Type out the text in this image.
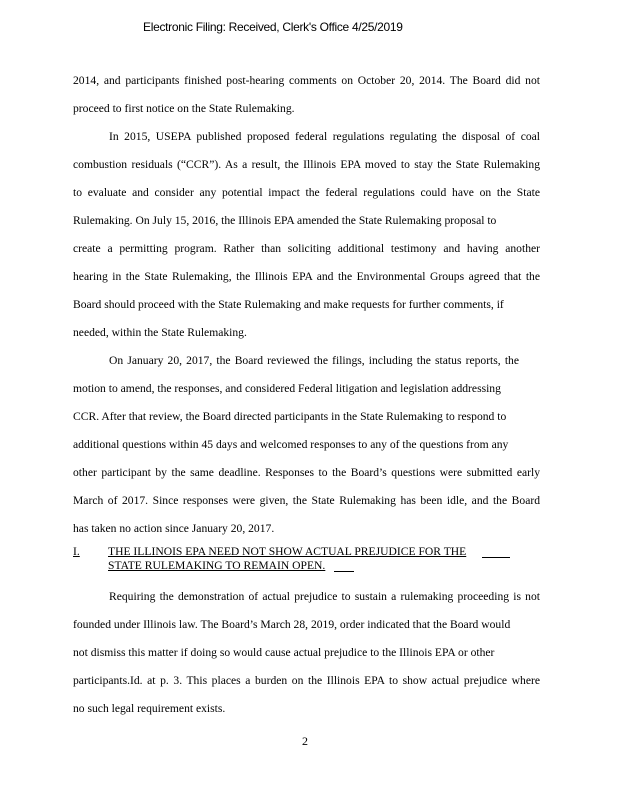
Electronic Filing: Received, Clerk's Office 4/25/2019
2014, and participants finished post-hearing comments on October 20, 2014. The Board did not
proceed to first notice on the State Rulemaking.
In 2015, USEPA published proposed federal regulations regulating the disposal of coal
combustion residuals (“CCR”). As a result, the Illinois EPA moved to stay the State Rulemaking
to evaluate and consider any potential impact the federal regulations could have on the State
Rulemaking. On July 15, 2016, the Illinois EPA amended the State Rulemaking proposal to
create a permitting program. Rather than soliciting additional testimony and having another
hearing in the State Rulemaking, the Illinois EPA and the Environmental Groups agreed that the
Board should proceed with the State Rulemaking and make requests for further comments, if
needed, within the State Rulemaking.
On January 20, 2017, the Board reviewed the filings, including the status reports, the
motion to amend, the responses, and considered Federal litigation and legislation addressing
CCR. After that review, the Board directed participants in the State Rulemaking to respond to
additional questions within 45 days and welcomed responses to any of the questions from any
other participant by the same deadline. Responses to the Board’s questions were submitted early
March of 2017. Since responses were given, the State Rulemaking has been idle, and the Board
has taken no action since January 20, 2017.
I. THE ILLINOIS EPA NEED NOT SHOW ACTUAL PREJUDICE FOR THE
STATE RULEMAKING TO REMAIN OPEN.
Requiring the demonstration of actual prejudice to sustain a rulemaking proceeding is not
founded under Illinois law. The Board’s March 28, 2019, order indicated that the Board would
not dismiss this matter if doing so would cause actual prejudice to the Illinois EPA or other
participants.Id. at p. 3. This places a burden on the Illinois EPA to show actual prejudice where
no such legal requirement exists.
2
